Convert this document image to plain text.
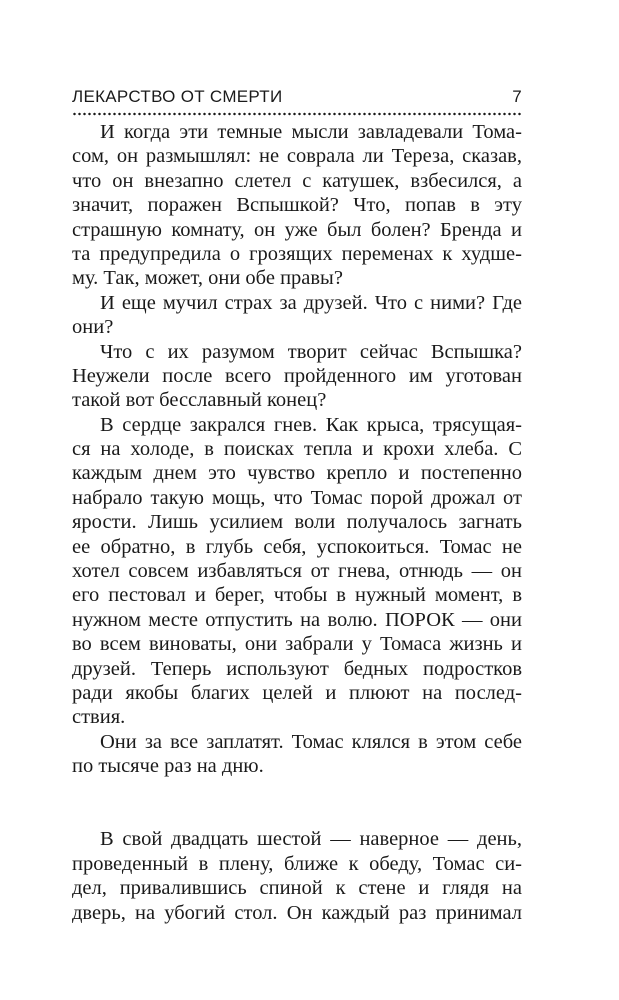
ЛЕКАРСТВО ОТ СМЕРТИ	7
И когда эти темные мысли завладевали Тома-
сом, он размышлял: не соврала ли Тереза, сказав,
что он внезапно слетел с катушек, взбесился, а
значит, поражен Вспышкой? Что, попав в эту
страшную комнату, он уже был болен? Бренда и
та предупредила о грозящих переменах к худше-
му. Так, может, они обе правы?
И еще мучил страх за друзей. Что с ними? Где
они?
Что с их разумом творит сейчас Вспышка?
Неужели после всего пройденного им уготован
такой вот бесславный конец?
В сердце закрался гнев. Как крыса, трясущая-
ся на холоде, в поисках тепла и крохи хлеба. С
каждым днем это чувство крепло и постепенно
набрало такую мощь, что Томас порой дрожал от
ярости. Лишь усилием воли получалось загнать
ее обратно, в глубь себя, успокоиться. Томас не
хотел совсем избавляться от гнева, отнюдь — он
его пестовал и берег, чтобы в нужный момент, в
нужном месте отпустить на волю. ПОРОК — они
во всем виноваты, они забрали у Томаса жизнь и
друзей. Теперь используют бедных подростков
ради якобы благих целей и плюют на послед-
ствия.
Они за все заплатят. Томас клялся в этом себе
по тысяче раз на дню.
В свой двадцать шестой — наверное — день,
проведенный в плену, ближе к обеду, Томас си-
дел, привалившись спиной к стене и глядя на
дверь, на убогий стол. Он каждый раз принимал
